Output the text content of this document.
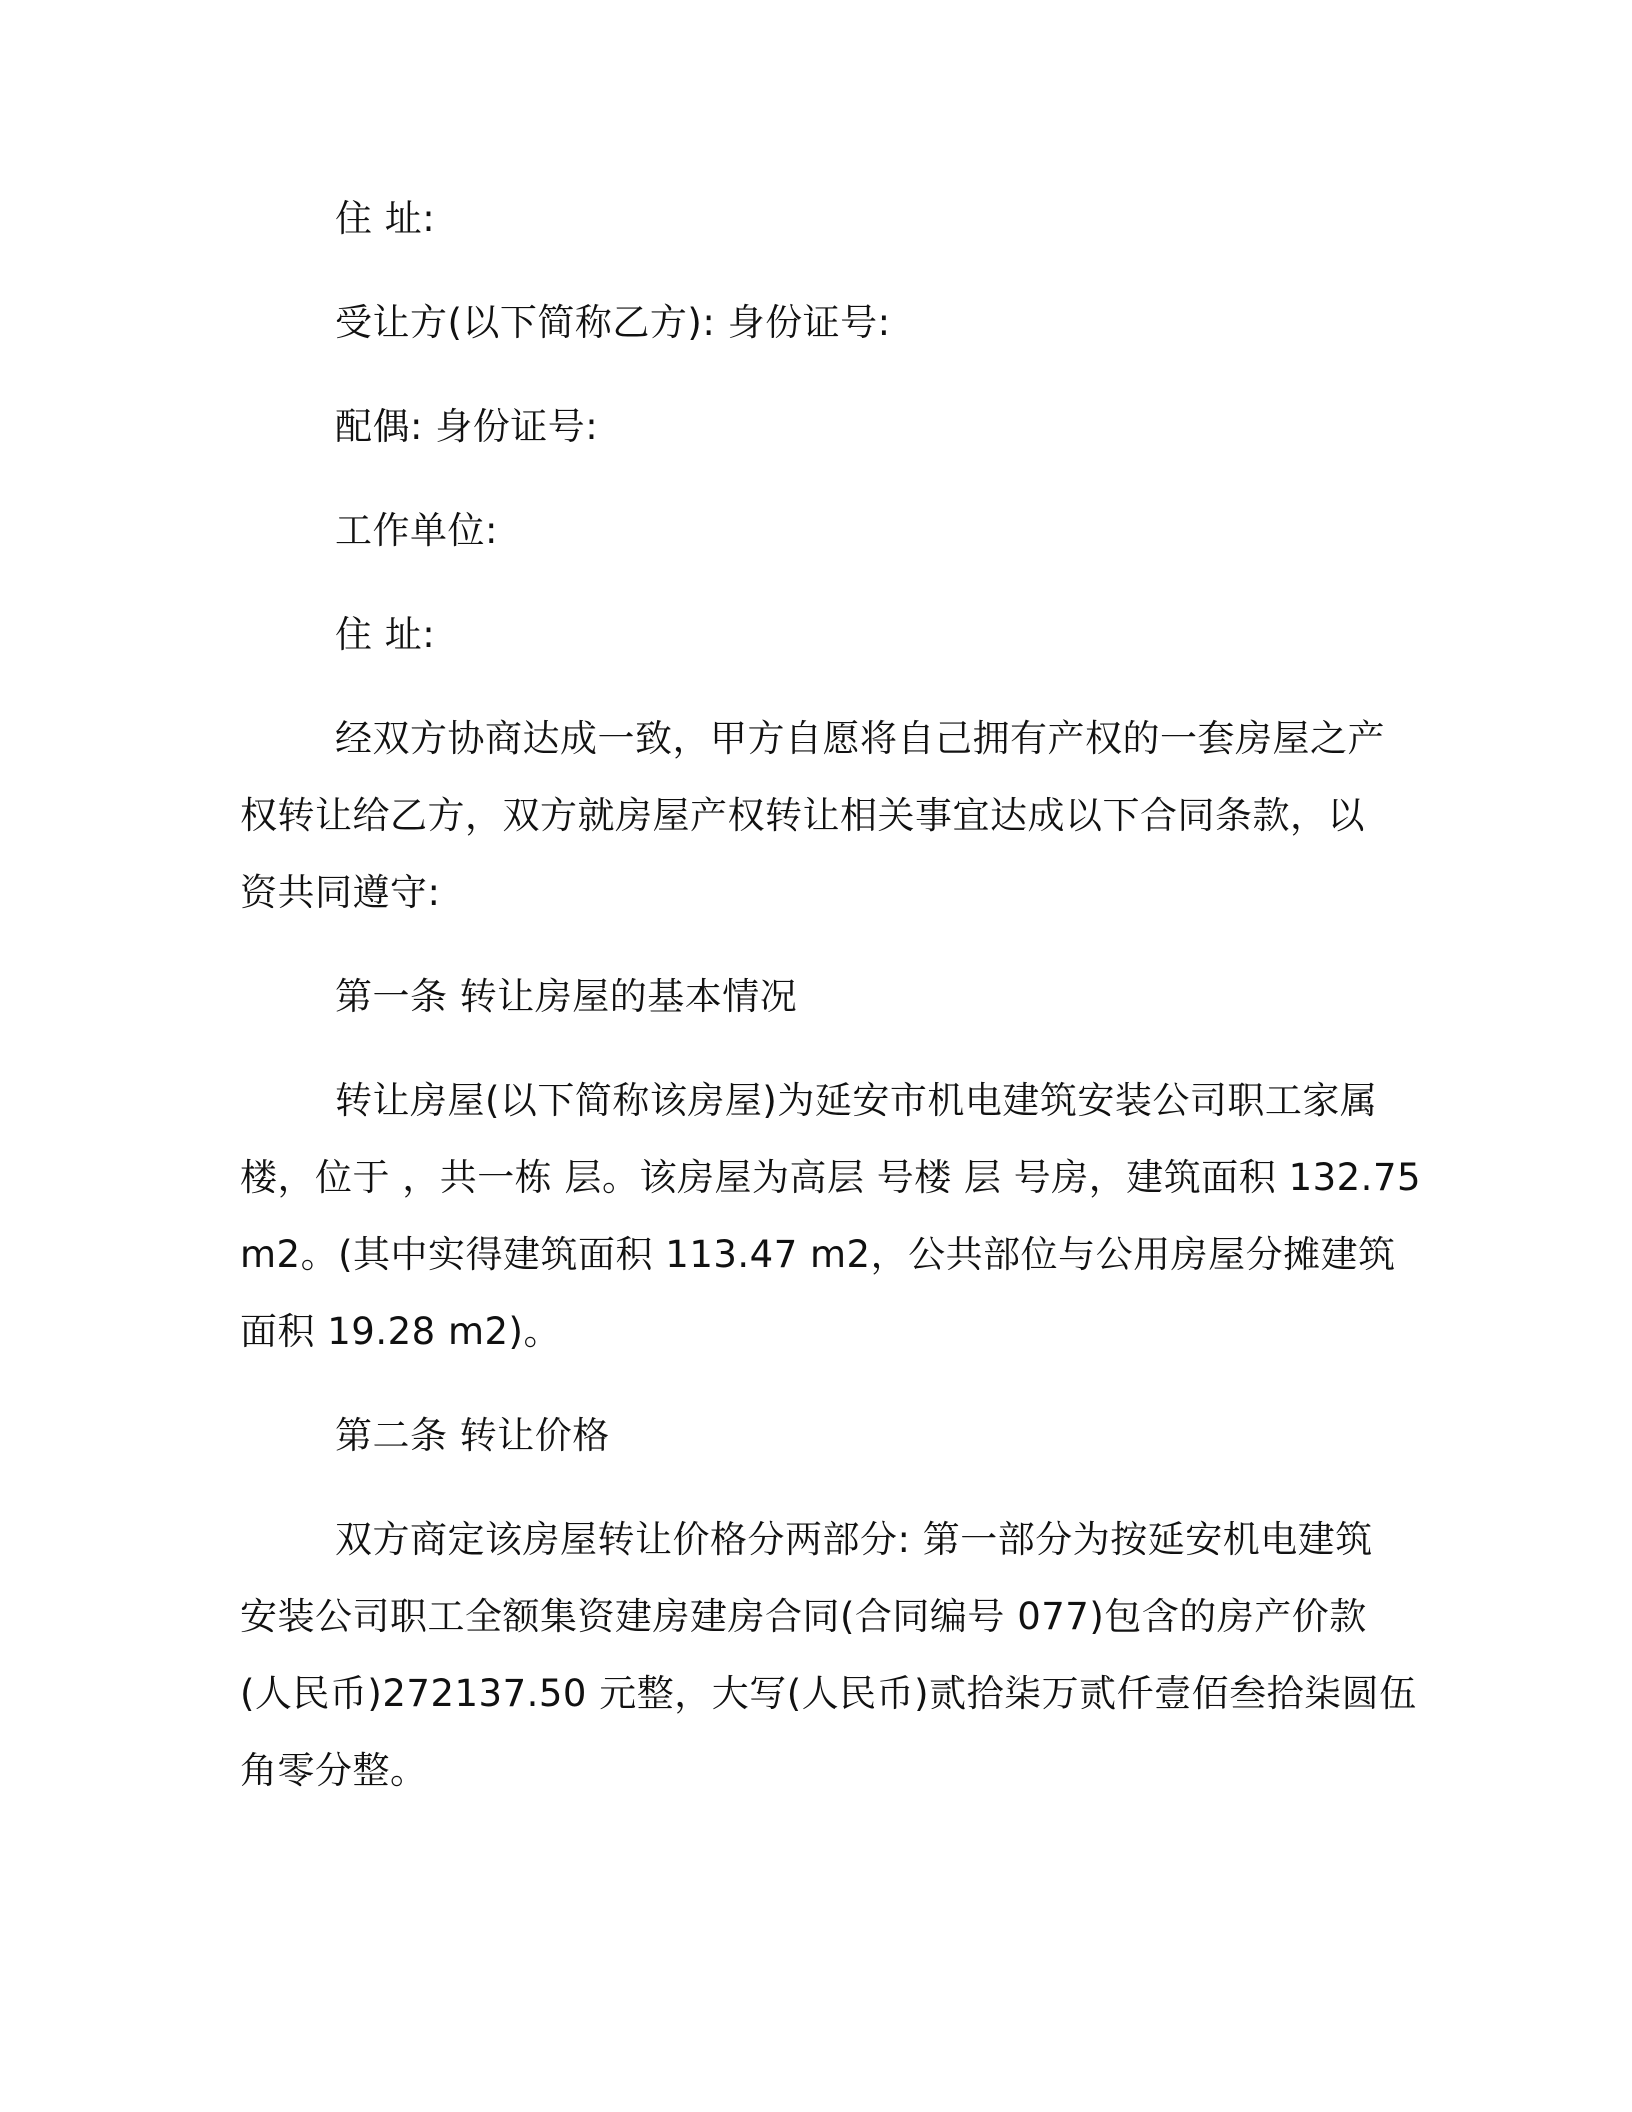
住 址:

受让方(以下简称乙方): 身份证号:

配偶: 身份证号:

工作单位:

住 址:

经双方协商达成一致，甲方自愿将自己拥有产权的一套房屋之产

权转让给乙方，双方就房屋产权转让相关事宜达成以下合同条款，以

资共同遵守:

第一条 转让房屋的基本情况

转让房屋(以下简称该房屋)为延安市机电建筑安装公司职工家属

楼，位于 ，共一栋 层。该房屋为高层 号楼 层 号房，建筑面积 132.75

m2。(其中实得建筑面积 113.47 m2，公共部位与公用房屋分摊建筑

面积 19.28 m2)。

第二条 转让价格

双方商定该房屋转让价格分两部分: 第一部分为按延安机电建筑

安装公司职工全额集资建房建房合同(合同编号 077)包含的房产价款

(人民币)272137.50 元整，大写(人民币)贰拾柒万贰仟壹佰叁拾柒圆伍

角零分整。
